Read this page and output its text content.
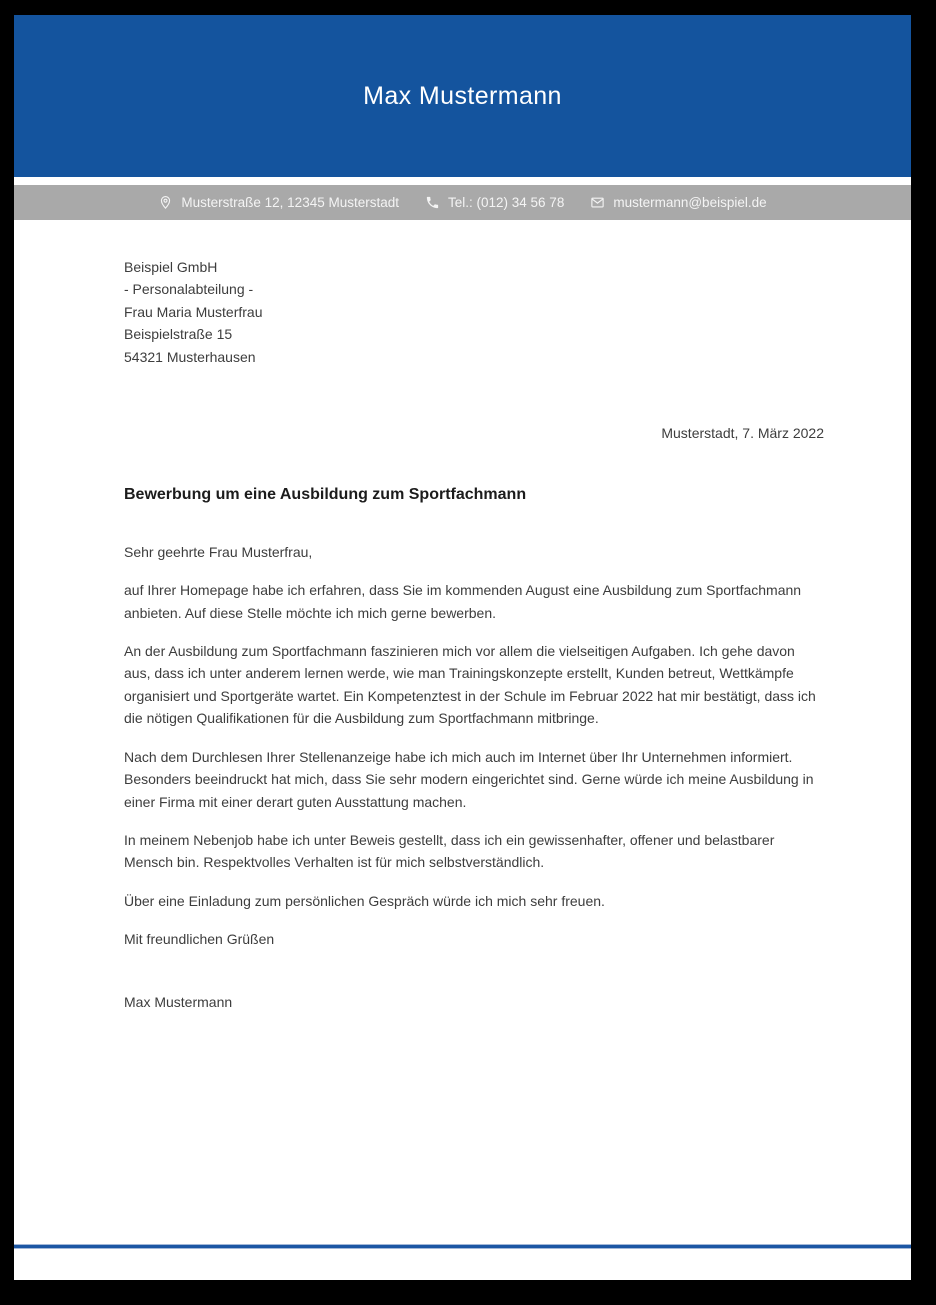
Max Mustermann
Musterstraße 12, 12345 Musterstadt	Tel.: (012) 34 56 78	mustermann@beispiel.de
Beispiel GmbH
- Personalabteilung -
Frau Maria Musterfrau
Beispielstraße 15
54321 Musterhausen
Musterstadt, 7. März 2022
Bewerbung um eine Ausbildung zum Sportfachmann
Sehr geehrte Frau Musterfrau,

auf Ihrer Homepage habe ich erfahren, dass Sie im kommenden August eine Ausbildung zum Sportfachmann anbieten. Auf diese Stelle möchte ich mich gerne bewerben.

An der Ausbildung zum Sportfachmann faszinieren mich vor allem die vielseitigen Aufgaben. Ich gehe davon aus, dass ich unter anderem lernen werde, wie man Trainingskonzepte erstellt, Kunden betreut, Wettkämpfe organisiert und Sportgeräte wartet. Ein Kompetenztest in der Schule im Februar 2022 hat mir bestätigt, dass ich die nötigen Qualifikationen für die Ausbildung zum Sportfachmann mitbringe.

Nach dem Durchlesen Ihrer Stellenanzeige habe ich mich auch im Internet über Ihr Unternehmen informiert. Besonders beeindruckt hat mich, dass Sie sehr modern eingerichtet sind. Gerne würde ich meine Ausbildung in einer Firma mit einer derart guten Ausstattung machen.

In meinem Nebenjob habe ich unter Beweis gestellt, dass ich ein gewissenhafter, offener und belastbarer Mensch bin. Respektvolles Verhalten ist für mich selbstverständlich.

Über eine Einladung zum persönlichen Gespräch würde ich mich sehr freuen.

Mit freundlichen Grüßen
Max Mustermann
